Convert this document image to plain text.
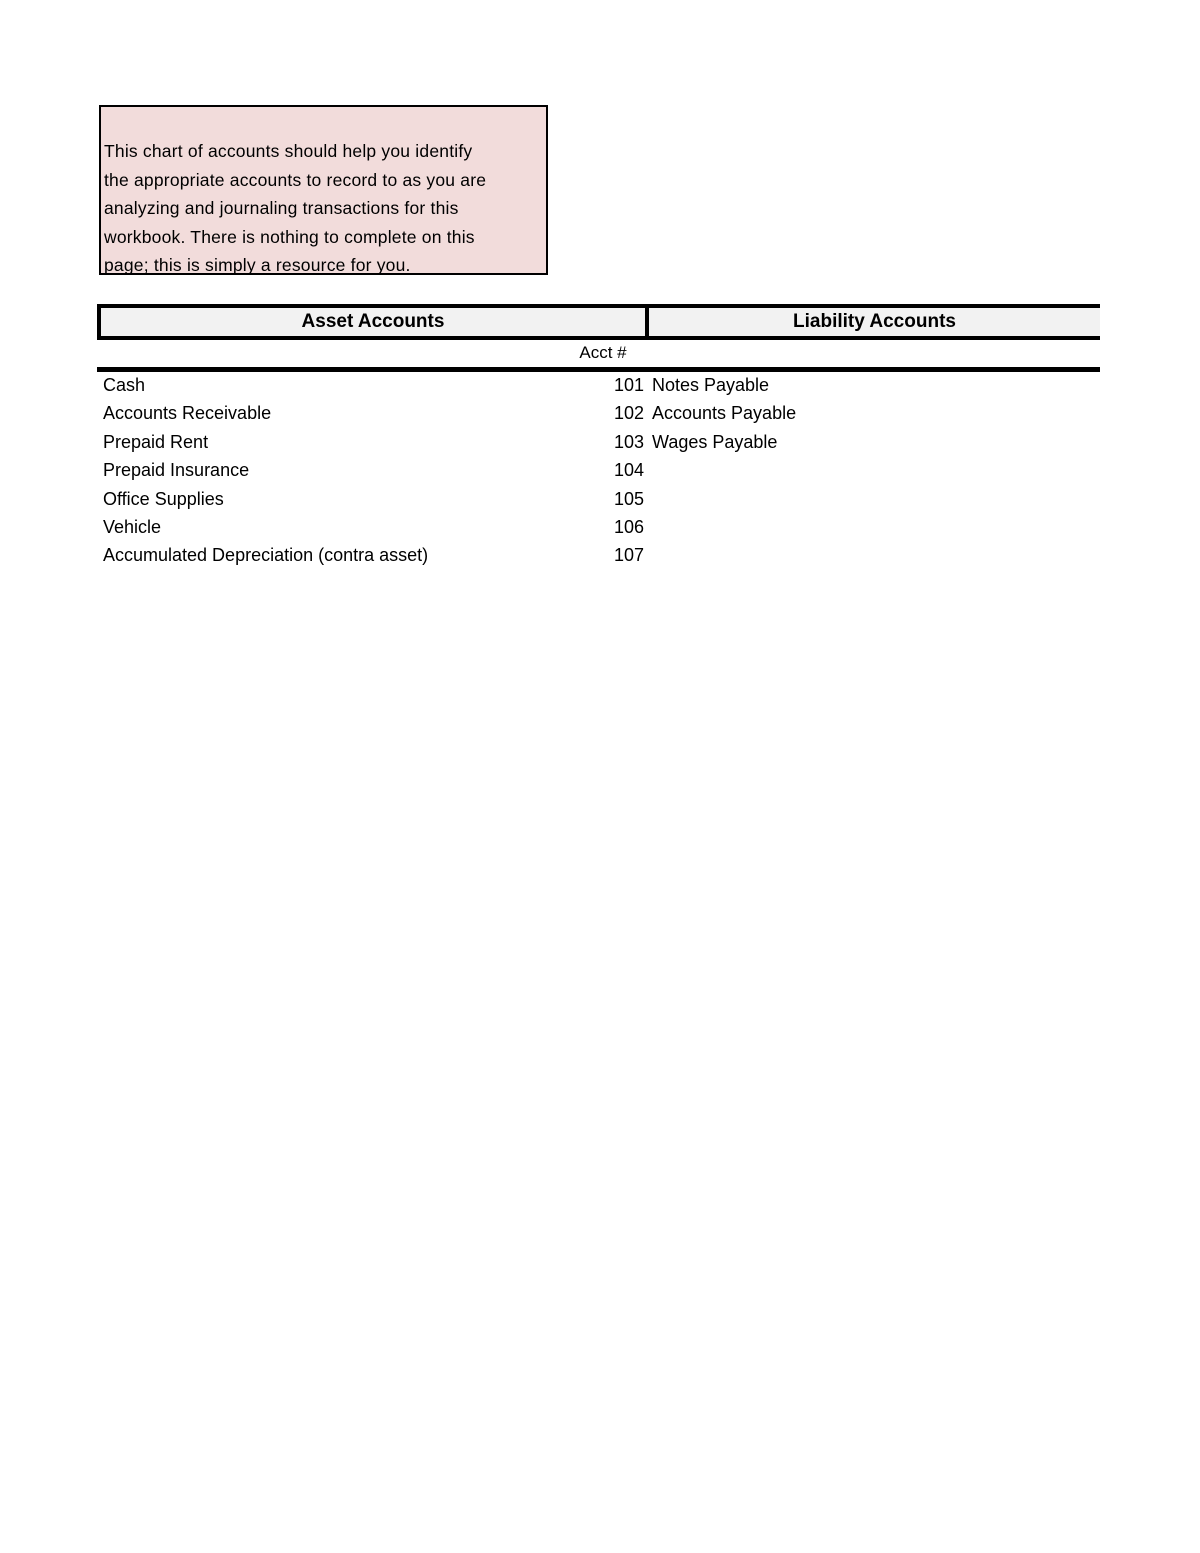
This chart of accounts should help you identify
the appropriate accounts to record to as you are
analyzing and journaling transactions for this
workbook. There is nothing to complete on this
page; this is simply a resource for you.
Asset Accounts	Liability Accounts
Acct #
Cash	101 Notes Payable
Accounts Receivable	102 Accounts Payable
Prepaid Rent	103 Wages Payable
Prepaid Insurance	104
Office Supplies	105
Vehicle	106
Accumulated Depreciation (contra asset)	107
